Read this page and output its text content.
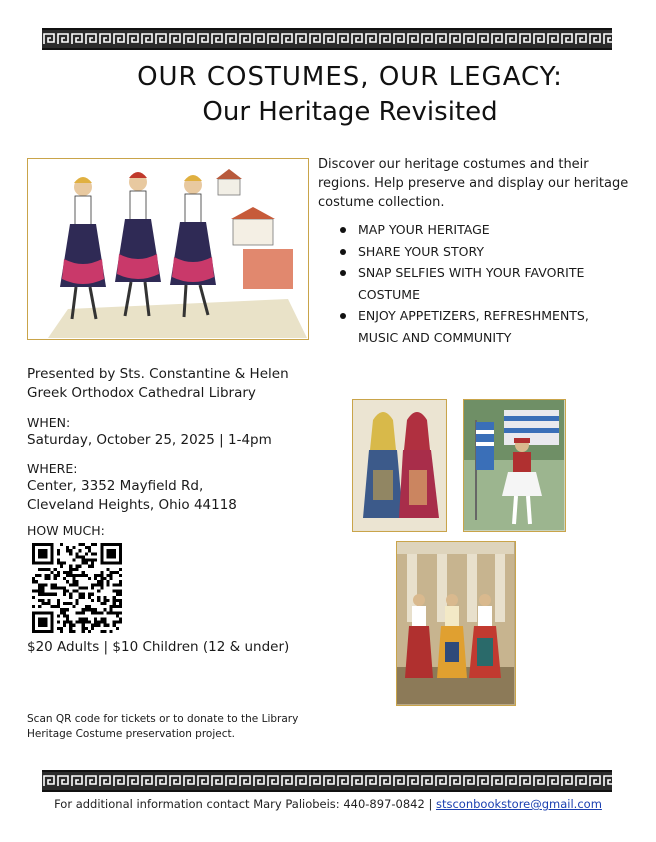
OUR COSTUMES, OUR LEGACY:
Our Heritage Revisited
Discover our heritage costumes and their regions. Help preserve and display our heritage costume collection.
MAP YOUR HERITAGE
SHARE YOUR STORY
SNAP SELFIES WITH YOUR FAVORITE COSTUME
ENJOY APPETIZERS, REFRESHMENTS, MUSIC AND COMMUNITY
Presented by Sts. Constantine & Helen Greek Orthodox Cathedral Library
WHEN:
Saturday, October 25, 2025 | 1-4pm
WHERE:
Center, 3352 Mayfield Rd,
Cleveland Heights, Ohio 44118
HOW MUCH:
$20 Adults | $10 Children (12 & under)
Scan QR code for tickets or to donate to the Library Heritage Costume preservation project.
For additional information contact Mary Paliobeis: 440-897-0842 | stsconbookstore@gmail.com
